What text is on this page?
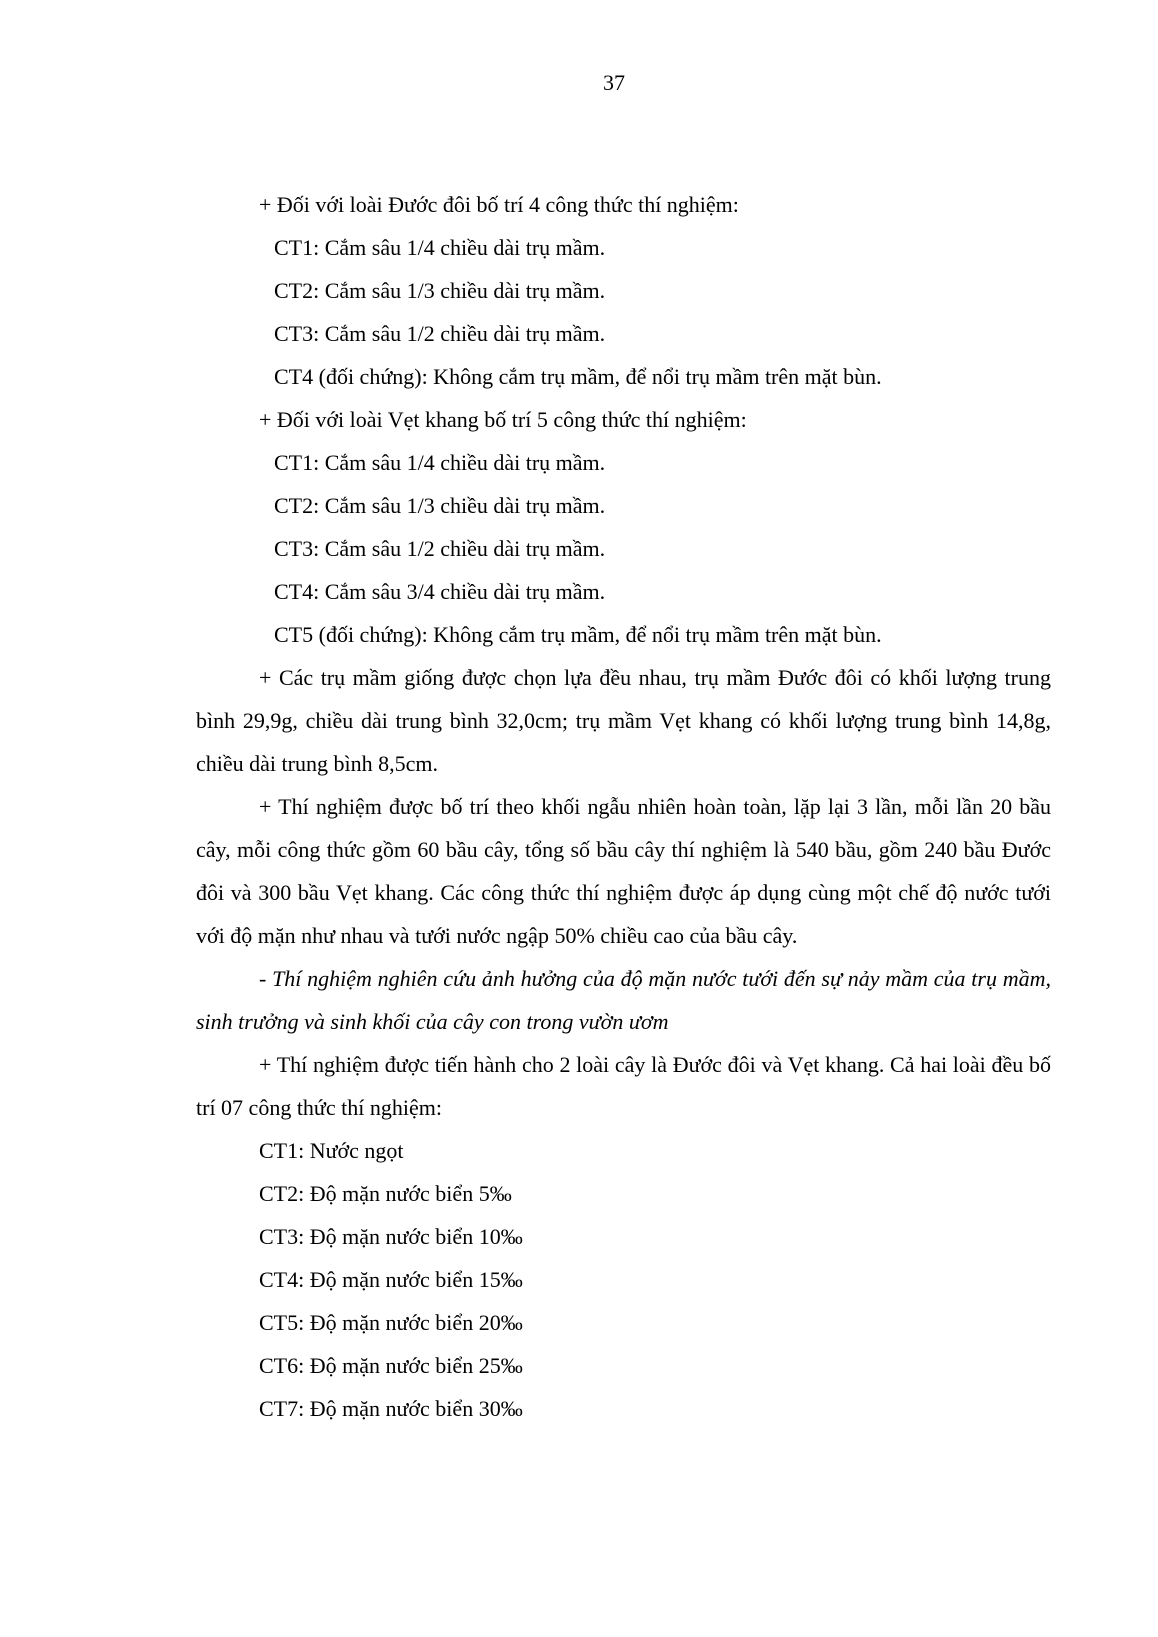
37
+ Đối với loài Đước đôi bố trí 4 công thức thí nghiệm:
CT1: Cắm sâu 1/4 chiều dài trụ mầm.
CT2: Cắm sâu 1/3 chiều dài trụ mầm.
CT3: Cắm sâu 1/2 chiều dài trụ mầm.
CT4 (đối chứng): Không cắm trụ mầm, để nổi trụ mầm trên mặt bùn.
+ Đối với loài Vẹt khang bố trí 5 công thức thí nghiệm:
CT1: Cắm sâu 1/4 chiều dài trụ mầm.
CT2: Cắm sâu 1/3 chiều dài trụ mầm.
CT3: Cắm sâu 1/2 chiều dài trụ mầm.
CT4: Cắm sâu 3/4 chiều dài trụ mầm.
CT5 (đối chứng): Không cắm trụ mầm, để nổi trụ mầm trên mặt bùn.

+ Các trụ mầm giống được chọn lựa đều nhau, trụ mầm Đước đôi có khối lượng trung bình 29,9g, chiều dài trung bình 32,0cm; trụ mầm Vẹt khang có khối lượng trung bình 14,8g, chiều dài trung bình 8,5cm.

+ Thí nghiệm được bố trí theo khối ngẫu nhiên hoàn toàn, lặp lại 3 lần, mỗi lần 20 bầu cây, mỗi công thức gồm 60 bầu cây, tổng số bầu cây thí nghiệm là 540 bầu, gồm 240 bầu Đước đôi và 300 bầu Vẹt khang. Các công thức thí nghiệm được áp dụng cùng một chế độ nước tưới với độ mặn như nhau và tưới nước ngập 50% chiều cao của bầu cây.

- Thí nghiệm nghiên cứu ảnh hưởng của độ mặn nước tưới đến sự nảy mầm của trụ mầm, sinh trưởng và sinh khối của cây con trong vườn ươm

+ Thí nghiệm được tiến hành cho 2 loài cây là Đước đôi và Vẹt khang. Cả hai loài đều bố trí 07 công thức thí nghiệm:

CT1: Nước ngọt
CT2: Độ mặn nước biển 5‰
CT3: Độ mặn nước biển 10‰
CT4: Độ mặn nước biển 15‰
CT5: Độ mặn nước biển 20‰
CT6: Độ mặn nước biển 25‰
CT7: Độ mặn nước biển 30‰
